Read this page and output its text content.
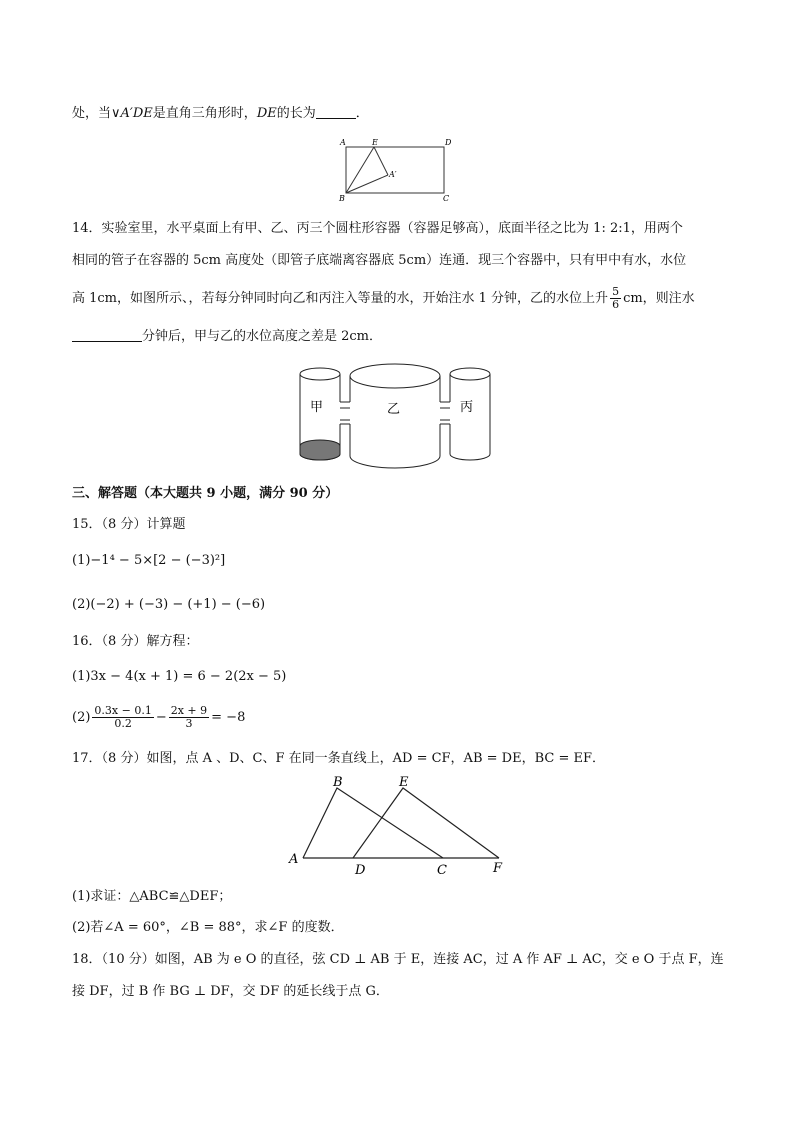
处，当∨A′DE是直角三角形时，DE的长为	．
A	E	D
A′
B	C
14．实验室里，水平桌面上有甲、乙、丙三个圆柱形容器（容器足够高），底面半径之比为 1: 2:1，用两个
相同的管子在容器的 5cm 高度处（即管子底端离容器底 5cm）连通．现三个容器中，只有甲中有水，水位
高 1cm，如图所示、，若每分钟同时向乙和丙注入等量的水，开始注水 1 分钟，乙的水位上升 $\frac{5}{6}$ cm，则注水
分钟后，甲与乙的水位高度之差是 2cm．
甲	乙	丙
三、解答题（本大题共 9 小题，满分 90 分）
15．（8 分）计算题
(1)−1⁴ − 5×[2 − (−3)²]
(2)(−2) + (−3) − (+1) − (−6)
16．（8 分）解方程：
(1)3x − 4(x + 1) = 6 − 2(2x − 5)
$(2) \frac{0.3x - 0.1}{0.2} - \frac{2x + 9}{3} = -8$
17．（8 分）如图，点 A 、D、C、F 在同一条直线上，AD = CF，AB = DE，BC = EF．
B	E
A
D	C	F
(1)求证：△ABC≌△DEF；
(2)若∠A = 60°，∠B = 88°，求∠F 的度数．
18．（10 分）如图，AB 为 e O 的直径，弦 CD ⊥ AB 于 E，连接 AC，过 A 作 AF ⊥ AC，交 e O 于点 F，连
接 DF，过 B 作 BG ⊥ DF，交 DF 的延长线于点 G．
